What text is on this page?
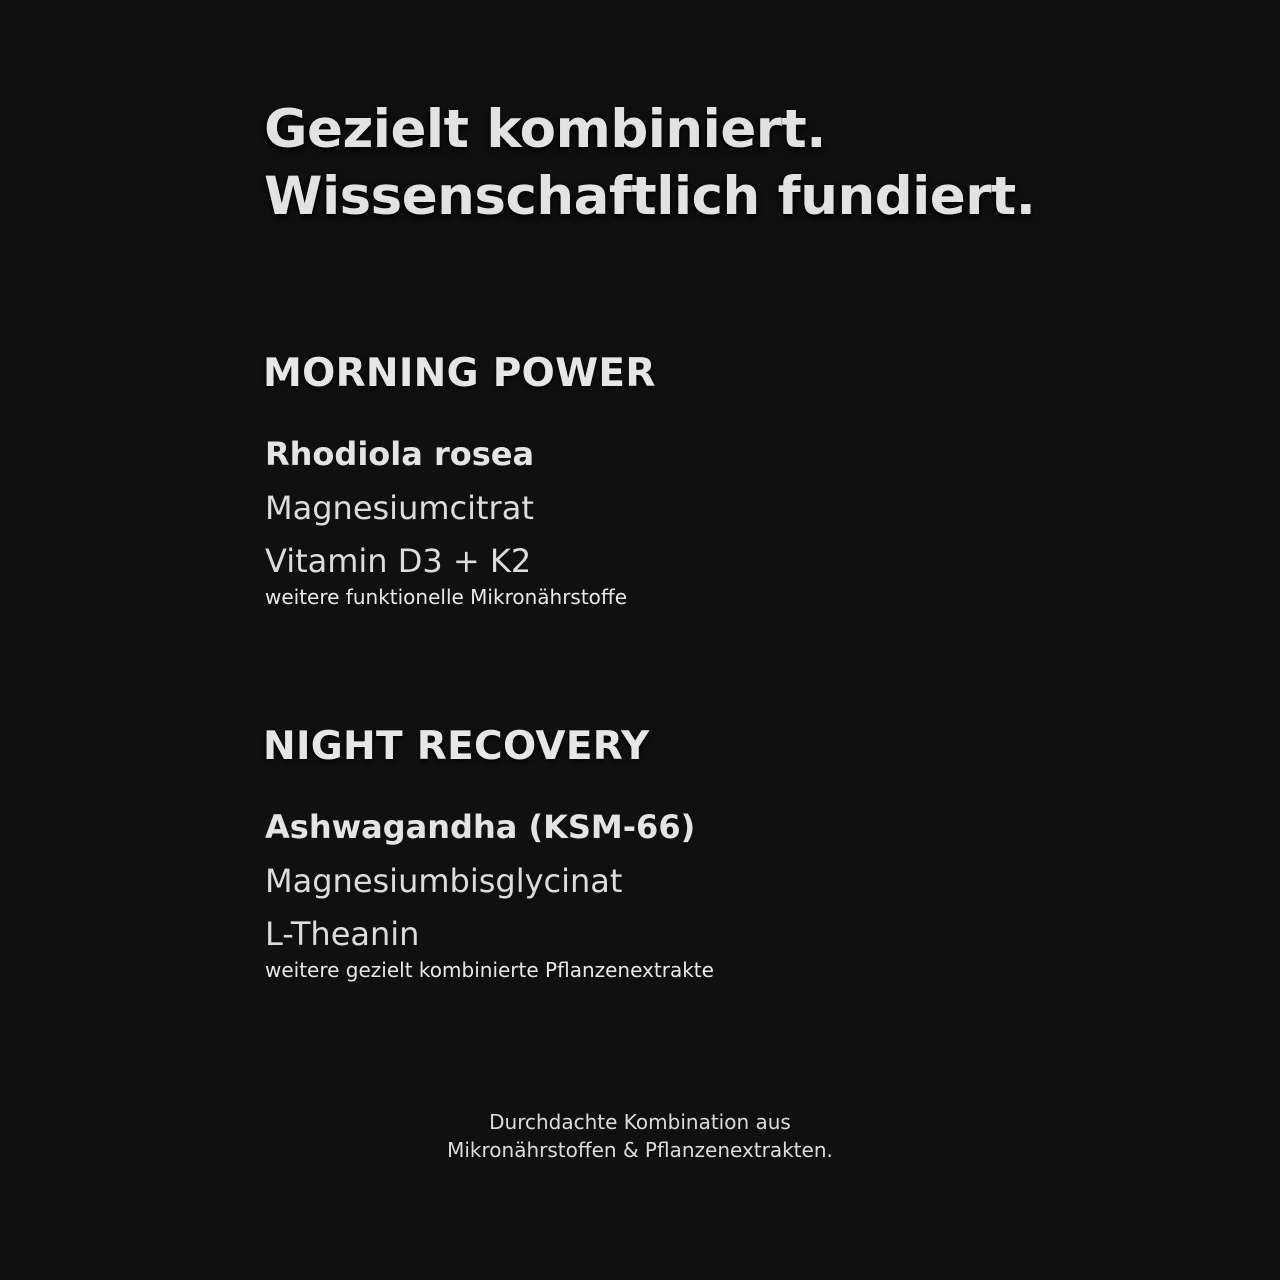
Gezielt kombiniert.
Wissenschaftlich fundiert.
MORNING POWER
Rhodiola rosea
Magnesiumcitrat
Vitamin D3 + K2
weitere funktionelle Mikronährstoffe
NIGHT RECOVERY
Ashwagandha (KSM-66)
Magnesiumbisglycinat
L-Theanin
weitere gezielt kombinierte Pflanzenextrakte
Durchdachte Kombination aus
Mikronährstoffen & Pflanzenextrakten.
